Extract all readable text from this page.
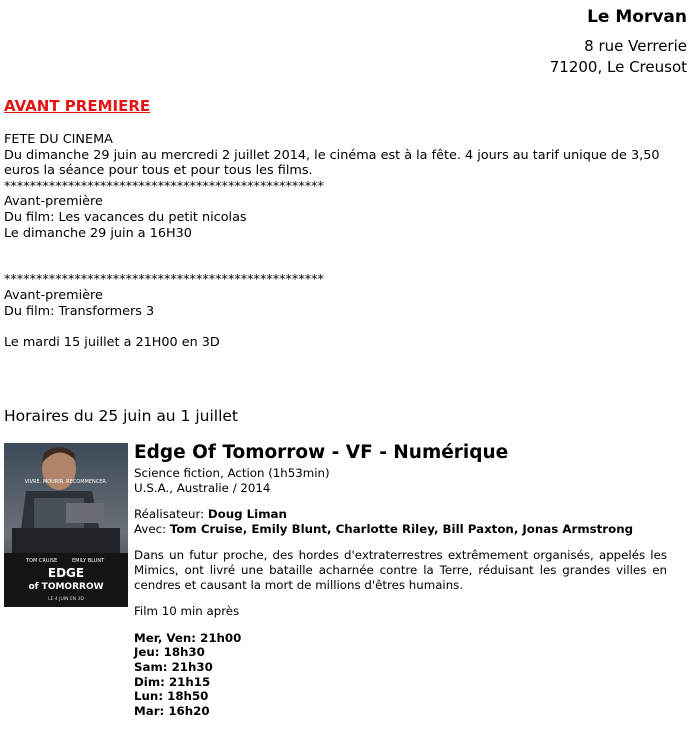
Le Morvan
8 rue Verrerie
71200, Le Creusot
AVANT PREMIERE
FETE DU CINEMA
Du dimanche 29 juin au mercredi 2 juillet 2014, le cinéma est à la fête. 4 jours au tarif unique de 3,50
euros la séance pour tous et pour tous les films.
**************************************************
Avant-première
Du film: Les vacances du petit nicolas
Le dimanche 29 juin a 16H30
**************************************************
Avant-première
Du film: Transformers 3
Le mardi 15 juillet a 21H00 en 3D
Horaires du 25 juin au 1 juillet
VIVRE. MOURIR. RECOMMENCER.
TOM CRUISE	EMILY BLUNT
EDGE
of TOMORROW
LE 4 JUIN EN 3D
Edge Of Tomorrow - VF - Numérique
Science fiction, Action (1h53min)
U.S.A., Australie / 2014
Réalisateur: Doug Liman
Avec: Tom Cruise, Emily Blunt, Charlotte Riley, Bill Paxton, Jonas Armstrong
Dans un futur proche, des hordes d'extraterrestres extrêmement organisés, appelés les Mimics, ont livré une bataille acharnée contre la Terre, réduisant les grandes villes en cendres et causant la mort de millions d'êtres humains.
Film 10 min après
Mer, Ven: 21h00
Jeu: 18h30
Sam: 21h30
Dim: 21h15
Lun: 18h50
Mar: 16h20
